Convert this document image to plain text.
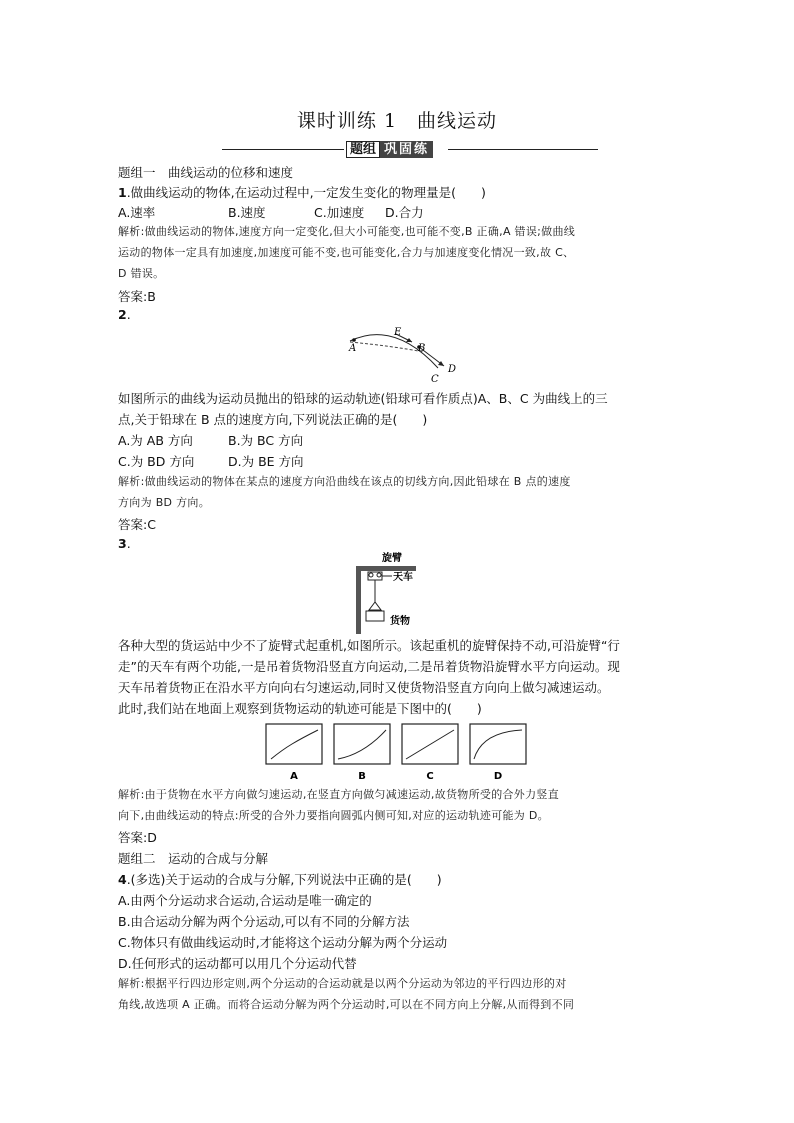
课时训练 1　曲线运动
题组 巩固练
题组一　曲线运动的位移和速度
1.做曲线运动的物体,在运动过程中,一定发生变化的物理量是(　　)
A.速率	B.速度	C.加速度 D.合力
解析:做曲线运动的物体,速度方向一定变化,但大小可能变,也可能不变,B 正确,A 错误;做曲线
运动的物体一定具有加速度,加速度可能不变,也可能变化,合力与加速度变化情况一致,故 C、
D 错误。
答案:B
2.
E
A	B
D
C
如图所示的曲线为运动员抛出的铅球的运动轨迹(铅球可看作质点)A、B、C 为曲线上的三
点,关于铅球在 B 点的速度方向,下列说法正确的是(　　)
A.为 AB 方向	B.为 BC 方向
C.为 BD 方向	D.为 BE 方向
解析:做曲线运动的物体在某点的速度方向沿曲线在该点的切线方向,因此铅球在 B 点的速度
方向为 BD 方向。
答案:C
3.
旋臂
天车
货物
各种大型的货运站中少不了旋臂式起重机,如图所示。该起重机的旋臂保持不动,可沿旋臂“行
走”的天车有两个功能,一是吊着货物沿竖直方向运动,二是吊着货物沿旋臂水平方向运动。现
天车吊着货物正在沿水平方向向右匀速运动,同时又使货物沿竖直方向向上做匀减速运动。
此时,我们站在地面上观察到货物运动的轨迹可能是下图中的(　　)
A	B	C	D
解析:由于货物在水平方向做匀速运动,在竖直方向做匀减速运动,故货物所受的合外力竖直
向下,由曲线运动的特点:所受的合外力要指向圆弧内侧可知,对应的运动轨迹可能为 D。
答案:D
题组二　运动的合成与分解
4.(多选)关于运动的合成与分解,下列说法中正确的是(　　)
A.由两个分运动求合运动,合运动是唯一确定的
B.由合运动分解为两个分运动,可以有不同的分解方法
C.物体只有做曲线运动时,才能将这个运动分解为两个分运动
D.任何形式的运动都可以用几个分运动代替
解析:根据平行四边形定则,两个分运动的合运动就是以两个分运动为邻边的平行四边形的对
角线,故选项 A 正确。而将合运动分解为两个分运动时,可以在不同方向上分解,从而得到不同
